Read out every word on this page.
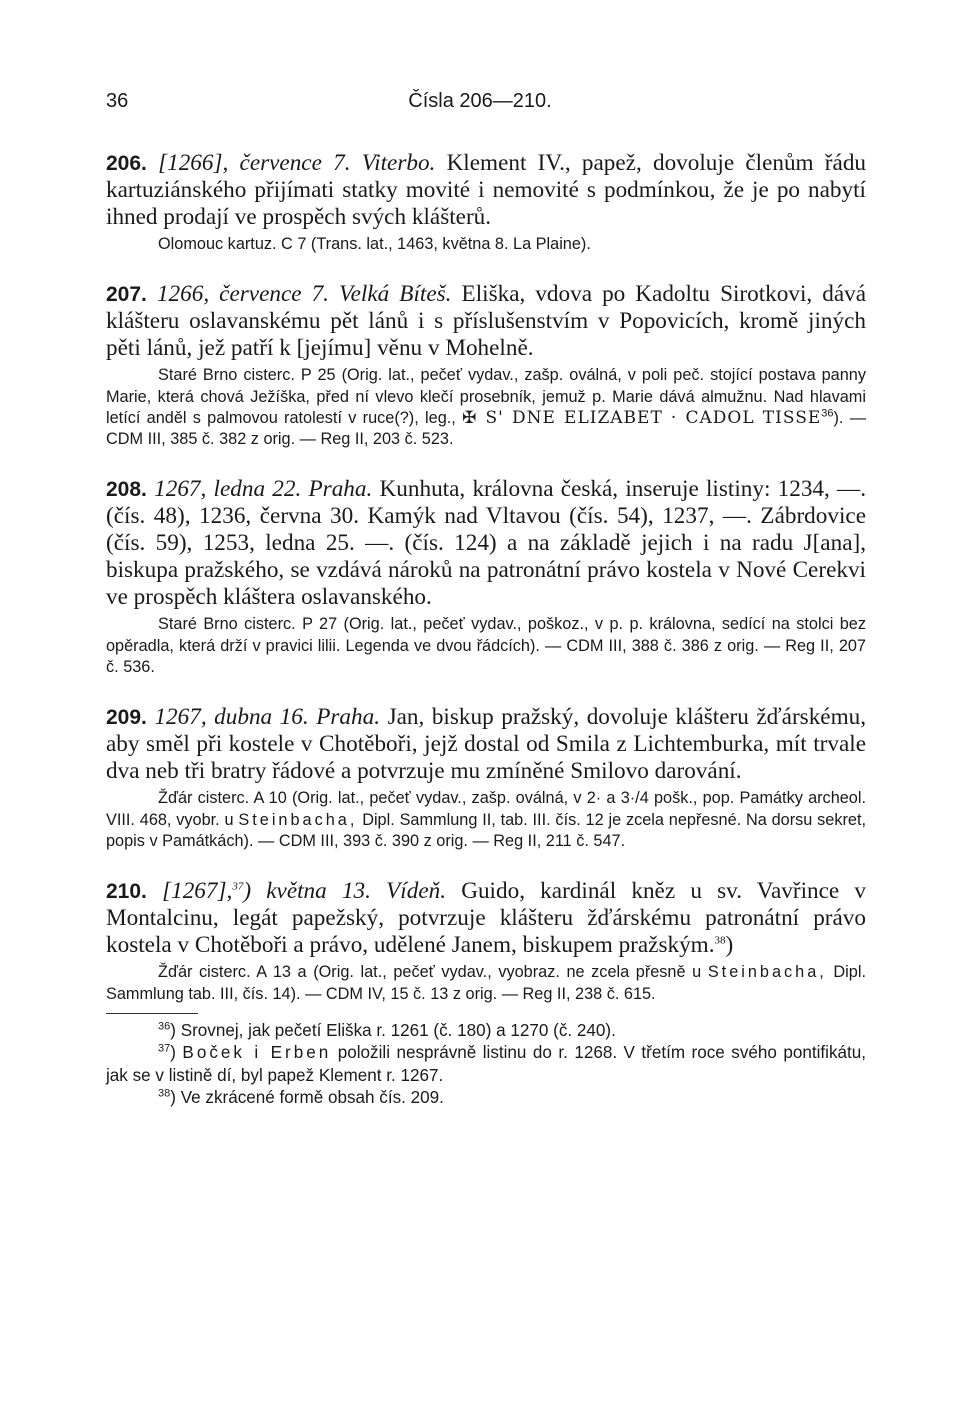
36	Čísla 206—210.

206. [1266], července 7. Viterbo. Klement IV., papež, dovoluje členům řádu kartuziánského přijímati statky movité i nemovité s podmínkou, že je po nabytí ihned prodají ve prospěch svých klášterů.

Olomouc kartuz. C 7 (Trans. lat., 1463, května 8. La Plaine).

207. 1266, července 7. Velká Bíteš. Eliška, vdova po Kadoltu Sirotkovi, dává klášteru oslavanskému pět lánů i s příslušenstvím v Popovicích, kromě jiných pěti lánů, jež patří k [jejímu] věnu v Mohelně.

Staré Brno cisterc. P 25 (Orig. lat., pečeť vydav., zašp. oválná, v poli peč. stojící postava panny Marie, která chová Ježíška, před ní vlevo klečí prosebník, jemuž p. Marie dává almužnu. Nad hlavami letící anděl s palmovou ratolestí v ruce(?), leg., ✠ S' DNE ELIZABET · CADOL TISSE$^{36}$). — CDM III, 385 č. 382 z orig. — Reg II, 203 č. 523.

208. 1267, ledna 22. Praha. Kunhuta, královna česká, inseruje listiny: 1234, —. (čís. 48), 1236, června 30. Kamýk nad Vltavou (čís. 54), 1237, —. Zábrdovice (čís. 59), 1253, ledna 25. —. (čís. 124) a na základě jejich i na radu J[ana], biskupa pražského, se vzdává nároků na patronátní právo kostela v Nové Cerekvi ve prospěch kláštera oslavanského.

Staré Brno cisterc. P 27 (Orig. lat., pečeť vydav., poškoz., v p. p. královna, sedící na stolci bez opěradla, která drží v pravici lilii. Legenda ve dvou řádcích). — CDM III, 388 č. 386 z orig. — Reg II, 207 č. 536.

209. 1267, dubna 16. Praha. Jan, biskup pražský, dovoluje klášteru žďárskému, aby směl při kostele v Chotěboři, jejž dostal od Smila z Lichtemburka, mít trvale dva neb tři bratry řádové a potvrzuje mu zmíněné Smilovo darování.

Žďár cisterc. A 10 (Orig. lat., pečeť vydav., zašp. oválná, v 2· a 3·/4 pošk., pop. Památky archeol. VIII. 468, vyobr. u Steinbacha, Dipl. Sammlung II, tab. III. čís. 12 je zcela nepřesné. Na dorsu sekret, popis v Památkách). — CDM III, 393 č. 390 z orig. — Reg II, 211 č. 547.

210. [1267],$^{37}$) května 13. Vídeň. Guido, kardinál kněz u sv. Vavřince v Montalcinu, legát papežský, potvrzuje klášteru žďárskému patronátní právo kostela v Chotěboři a právo, udělené Janem, biskupem pražským.$^{38}$)

Žďár cisterc. A 13 a (Orig. lat., pečeť vydav., vyobraz. ne zcela přesně u Steinbacha, Dipl. Sammlung tab. III, čís. 14). — CDM IV, 15 č. 13 z orig. — Reg II, 238 č. 615.

$^{36}$) Srovnej, jak pečetí Eliška r. 1261 (č. 180) a 1270 (č. 240).

$^{37}$) Boček i Erben položili nesprávně listinu do r. 1268. V třetím roce svého pontifikátu, jak se v listině dí, byl papež Klement r. 1267.

$^{38}$) Ve zkrácené formě obsah čís. 209.
